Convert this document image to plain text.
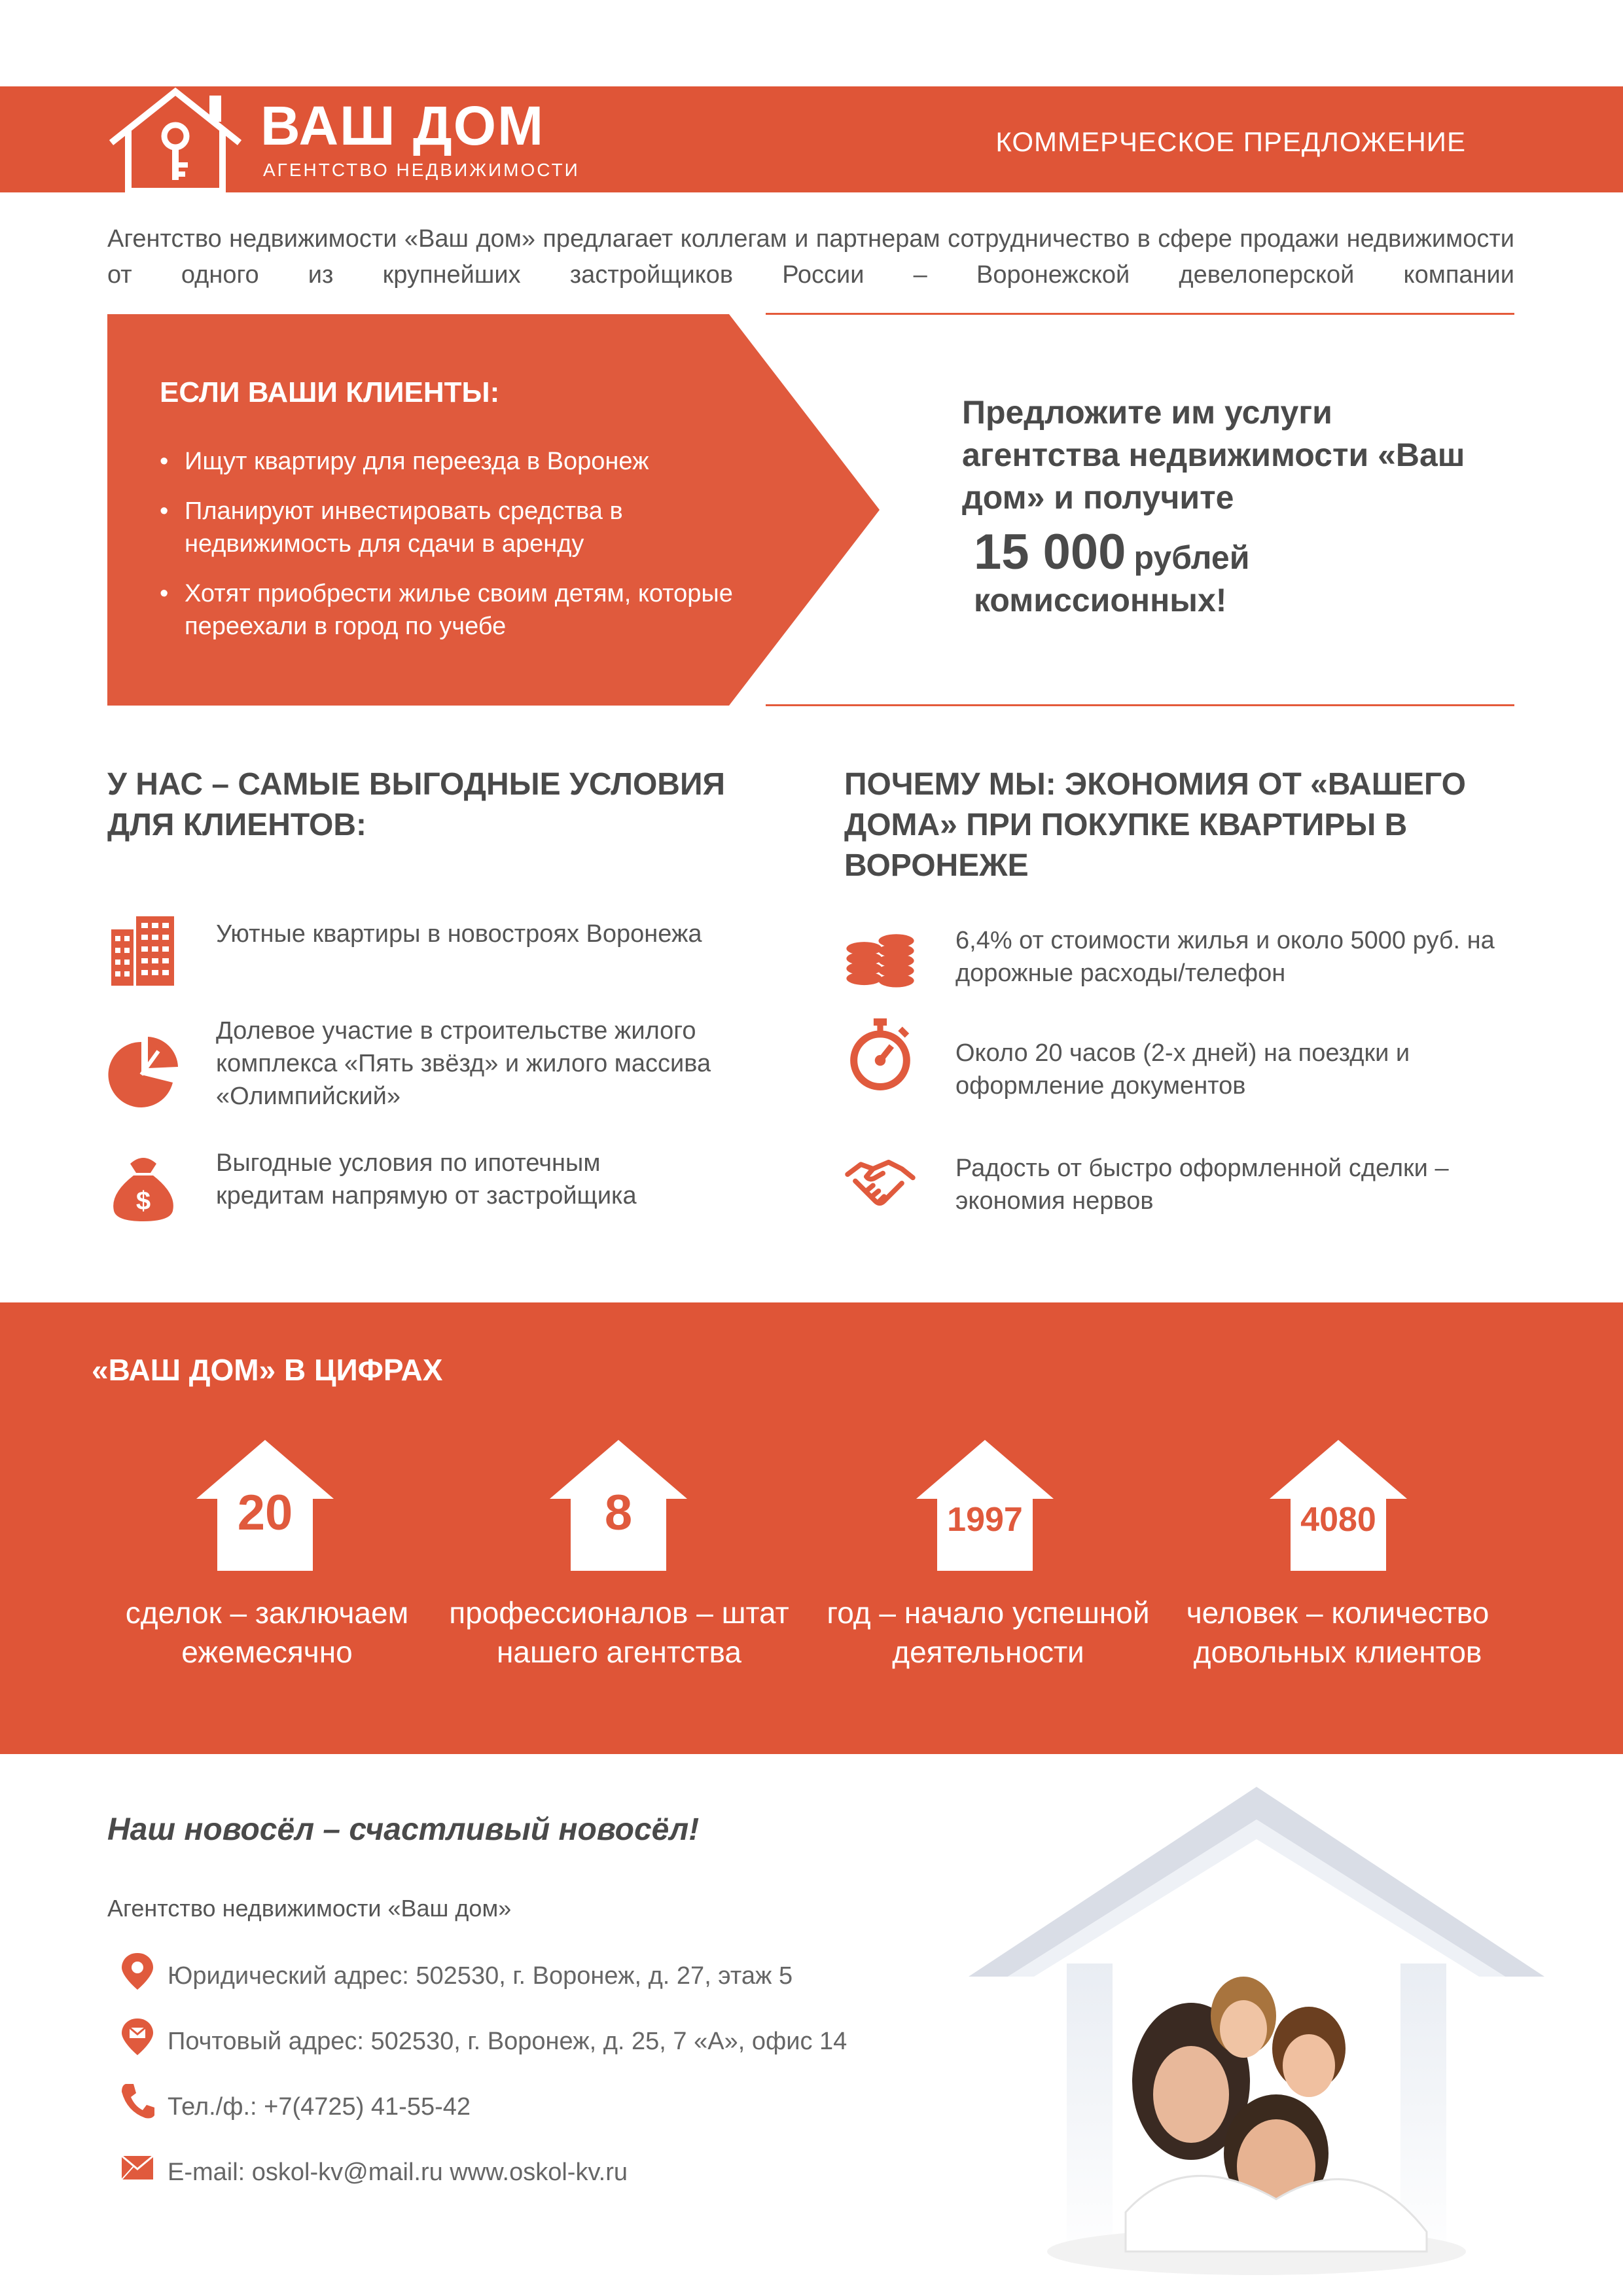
ВАШ ДОМ
АГЕНТСТВО НЕДВИЖИМОСТИ
КОММЕРЧЕСКОЕ ПРЕДЛОЖЕНИЕ
Агентство недвижимости «Ваш дом» предлагает коллегам и партнерам сотрудничество в сфере продажи недвижимости от одного из крупнейших застройщиков России – Воронежской девелоперской компании
ЕСЛИ ВАШИ КЛИЕНТЫ:
• Ищут квартиру для переезда в Воронеж
• Планируют инвестировать средства в недвижимость для сдачи в аренду
• Хотят приобрести жилье своим детям, которые переехали в город по учебе
Предложите им услуги агентства недвижимости «Ваш дом» и получите
15 000 рублей
комиссионных!
У НАС – САМЫЕ ВЫГОДНЫЕ УСЛОВИЯ ДЛЯ КЛИЕНТОВ:
Уютные квартиры в новостроях Воронежа
Долевое участие в строительстве жилого комплекса «Пять звёзд» и жилого массива «Олимпийский»
$
Выгодные условия по ипотечным кредитам напрямую от застройщика
ПОЧЕМУ МЫ: ЭКОНОМИЯ ОТ «ВАШЕГО ДОМА» ПРИ ПОКУПКЕ КВАРТИРЫ В ВОРОНЕЖЕ
6,4% от стоимости жилья и около 5000 руб. на дорожные расходы/телефон
Около 20 часов (2-х дней) на поездки и оформление документов
Радость от быстро оформленной сделки – экономия нервов
«ВАШ ДОМ» В ЦИФРАХ
20
сделок – заключаем ежемесячно
8
профессионалов – штат нашего агентства
1997
год – начало успешной деятельности
4080
человек – количество довольных клиентов
Наш новосёл – счастливый новосёл!
Агентство недвижимости «Ваш дом»
Юридический адрес: 502530, г. Воронеж, д. 27, этаж 5
Почтовый адрес: 502530, г. Воронеж, д. 25, 7 «А», офис 14
Тел./ф.: +7(4725) 41-55-42
E-mail: oskol-kv@mail.ru www.oskol-kv.ru
